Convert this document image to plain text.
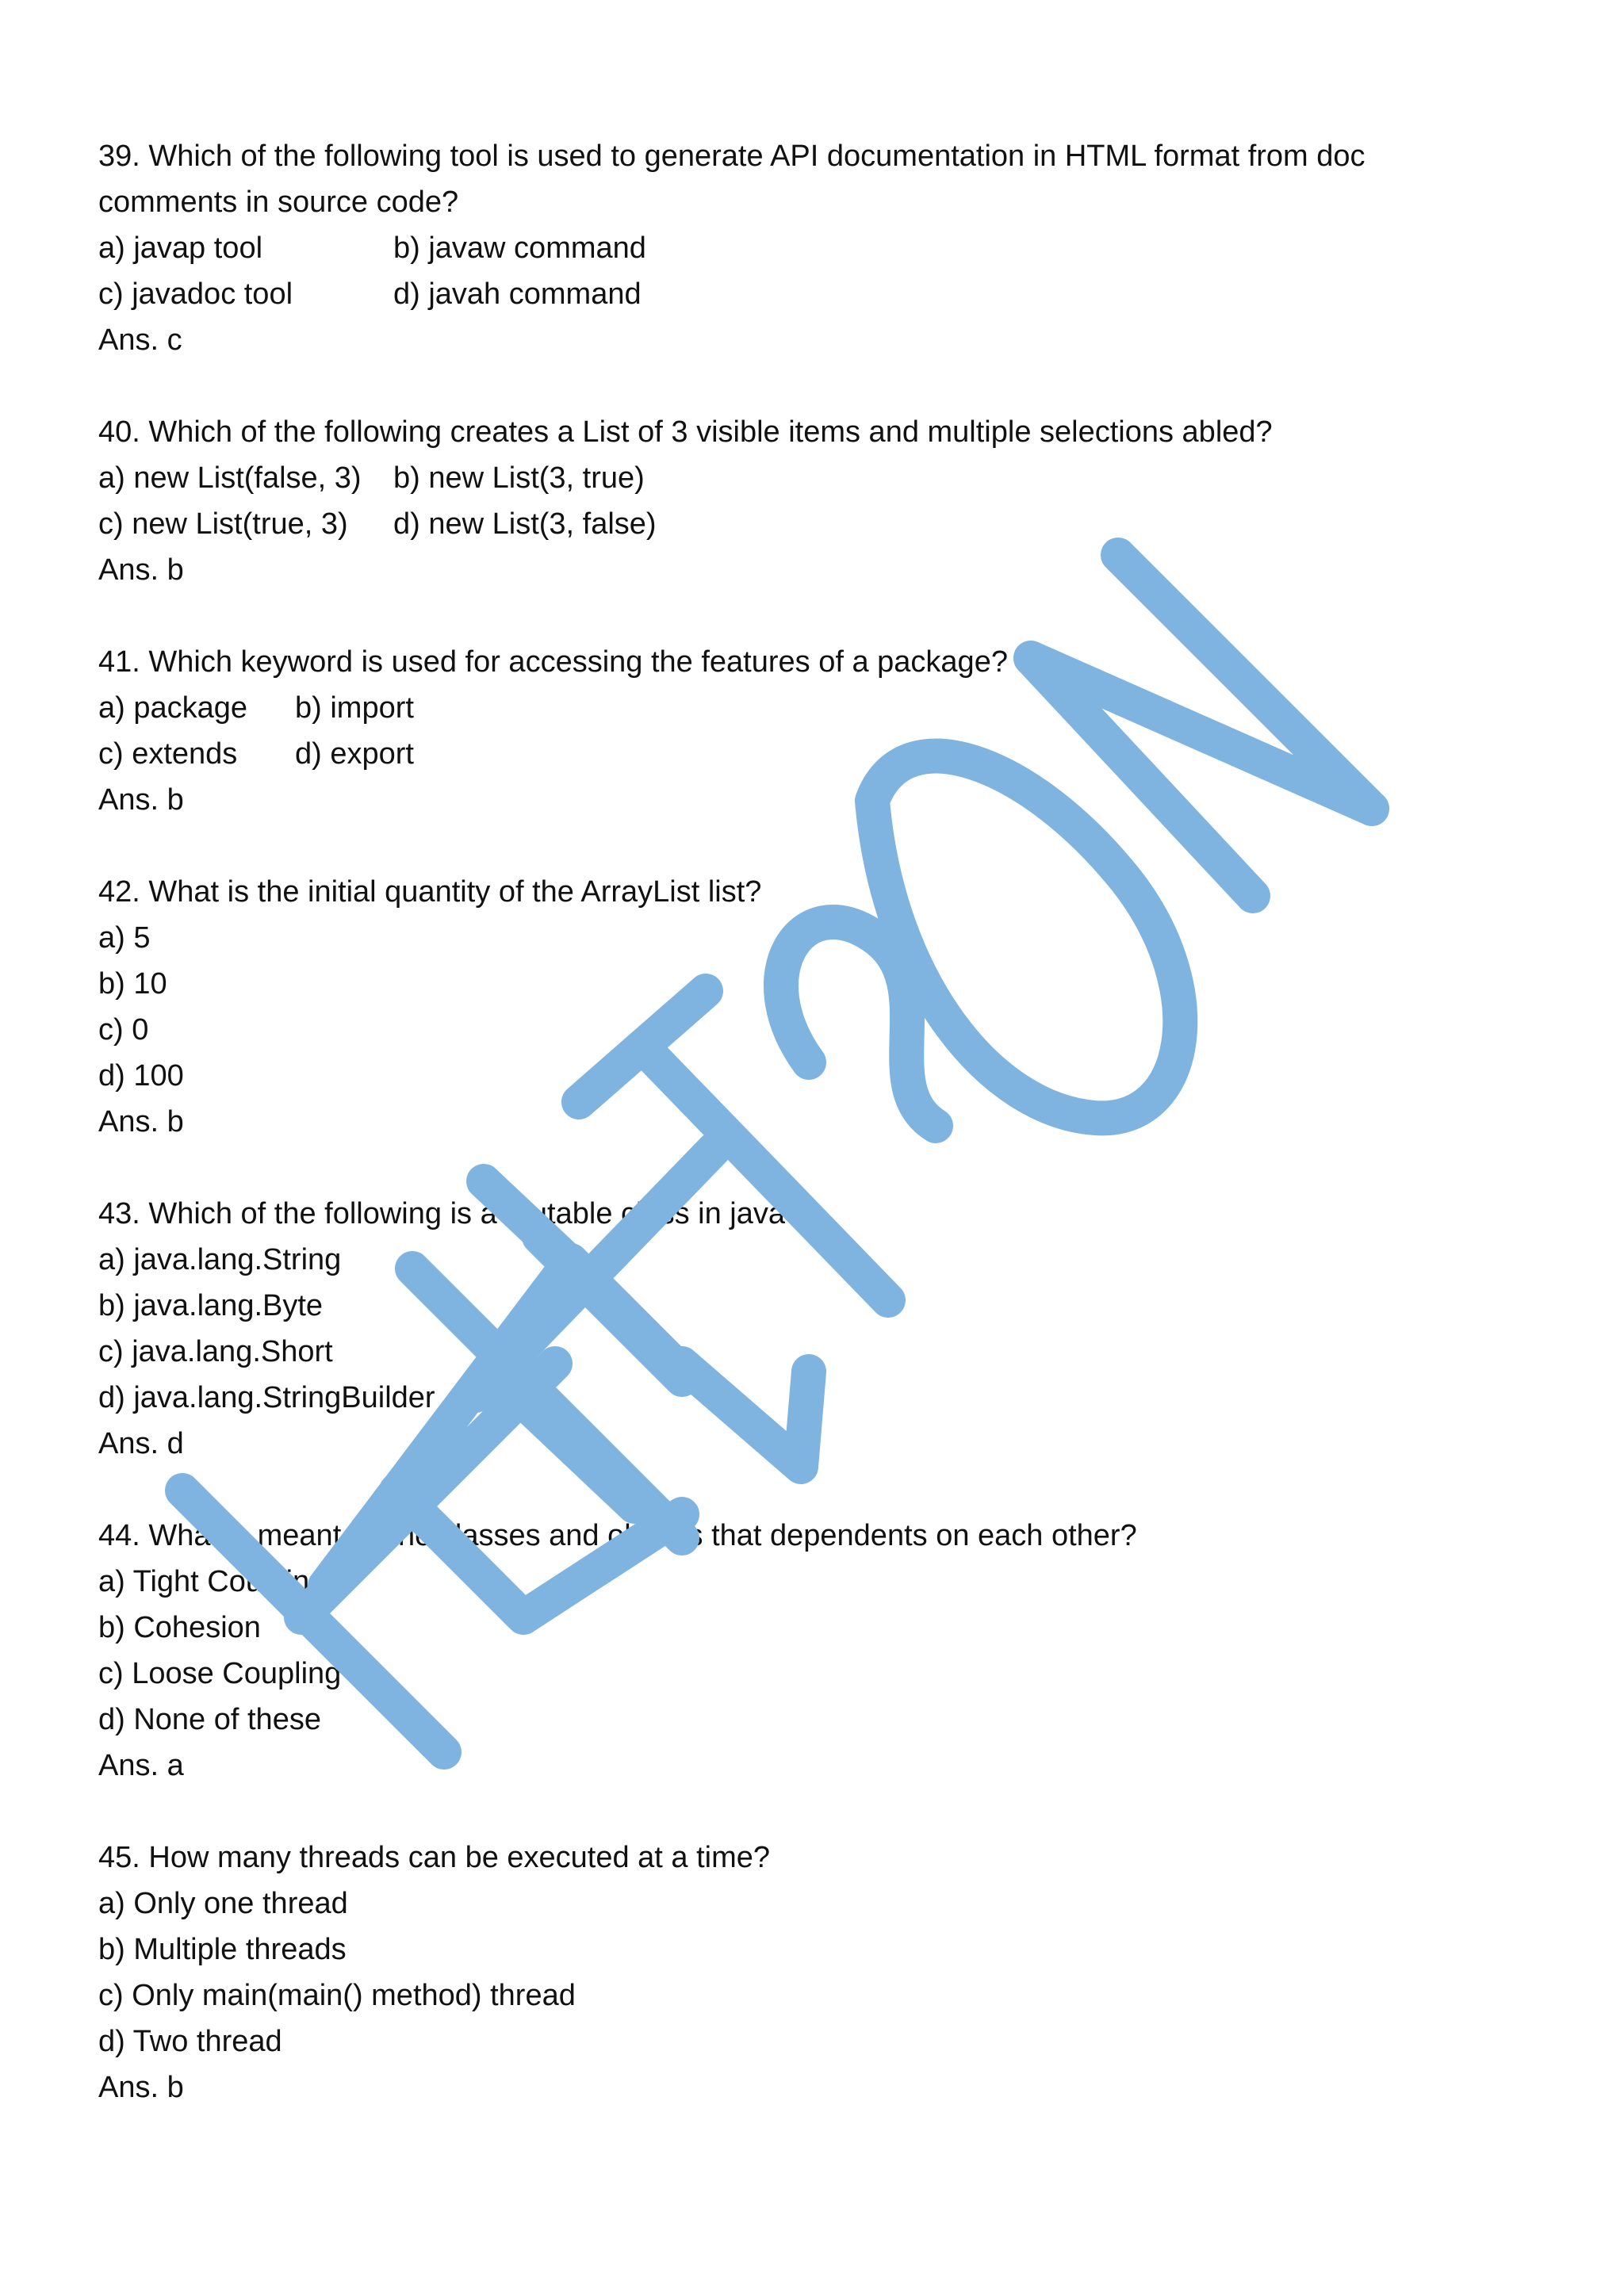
39. Which of the following tool is used to generate API documentation in HTML format from doc comments in source code?
a) javap tool	b) javaw command
c) javadoc tool	d) javah command
Ans. c
40. Which of the following creates a List of 3 visible items and multiple selections abled?
a) new List(false, 3)	b) new List(3, true)
c) new List(true, 3)	d) new List(3, false)
Ans. b
41. Which keyword is used for accessing the features of a package?
a) package	b) import
c) extends	d) export
Ans. b
42. What is the initial quantity of the ArrayList list?
a) 5
b) 10
c) 0
d) 100
Ans. b
43. Which of the following is a mutable class in java?
a) java.lang.String
b) java.lang.Byte
c) java.lang.Short
d) java.lang.StringBuilder
Ans. d
44. What is meant by the classes and objects that dependents on each other?
a) Tight Coupling
b) Cohesion
c) Loose Coupling
d) None of these
Ans. a
45. How many threads can be executed at a time?
a) Only one thread
b) Multiple threads
c) Only main(main() method) thread
d) Two thread
Ans. b
